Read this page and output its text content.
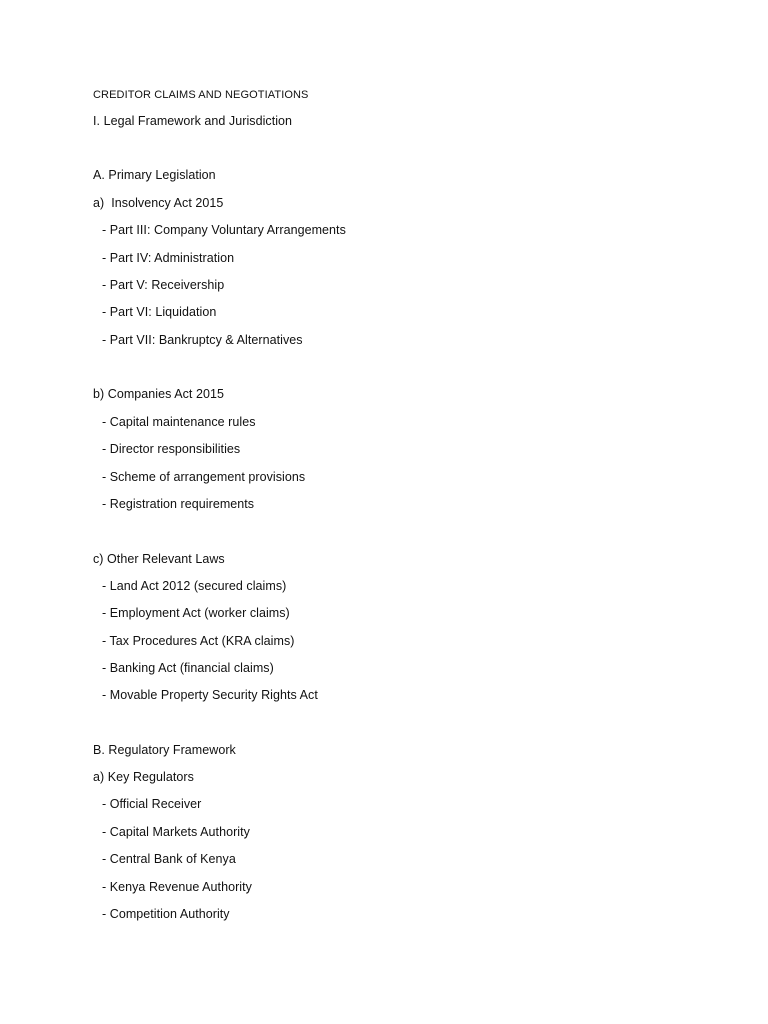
CREDITOR CLAIMS AND NEGOTIATIONS
I. Legal Framework and Jurisdiction
A. Primary Legislation
a)  Insolvency Act 2015
- Part III: Company Voluntary Arrangements
- Part IV: Administration
- Part V: Receivership
- Part VI: Liquidation
- Part VII: Bankruptcy & Alternatives
b) Companies Act 2015
- Capital maintenance rules
- Director responsibilities
- Scheme of arrangement provisions
- Registration requirements
c) Other Relevant Laws
- Land Act 2012 (secured claims)
- Employment Act (worker claims)
- Tax Procedures Act (KRA claims)
- Banking Act (financial claims)
- Movable Property Security Rights Act
B. Regulatory Framework
a) Key Regulators
- Official Receiver
- Capital Markets Authority
- Central Bank of Kenya
- Kenya Revenue Authority
- Competition Authority
